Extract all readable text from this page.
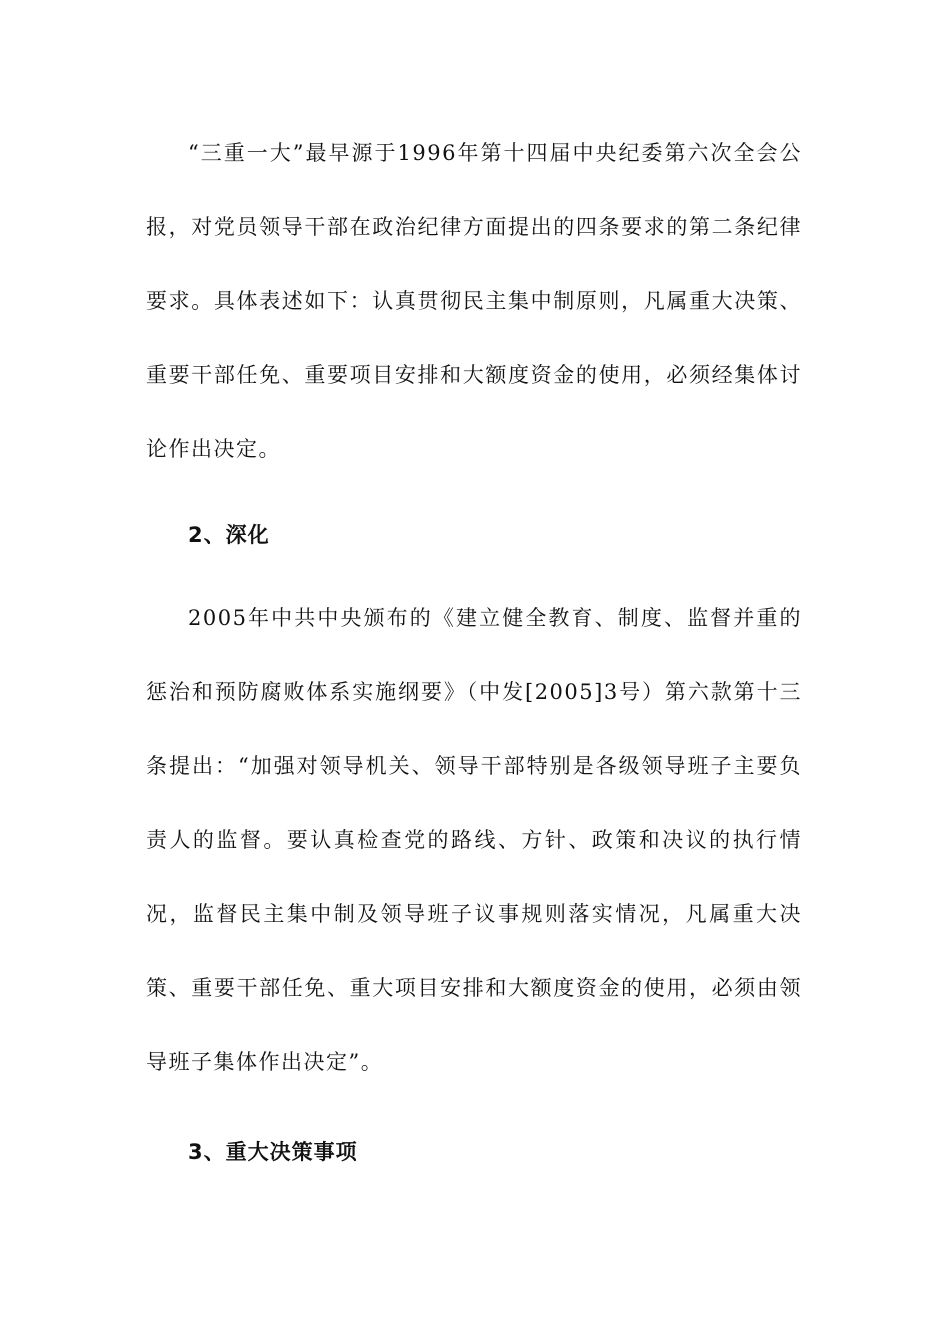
“三重一大”最早源于1996年第十四届中央纪委第六次全会公报，对党员领导干部在政治纪律方面提出的四条要求的第二条纪律要求。具体表述如下：认真贯彻民主集中制原则，凡属重大决策、重要干部任免、重要项目安排和大额度资金的使用，必须经集体讨论作出决定。

2、深化

2005年中共中央颁布的《建立健全教育、制度、监督并重的惩治和预防腐败体系实施纲要》（中发[2005]3号）第六款第十三条提出：“加强对领导机关、领导干部特别是各级领导班子主要负责人的监督。要认真检查党的路线、方针、政策和决议的执行情况，监督民主集中制及领导班子议事规则落实情况，凡属重大决策、重要干部任免、重大项目安排和大额度资金的使用，必须由领导班子集体作出决定”。

3、重大决策事项
